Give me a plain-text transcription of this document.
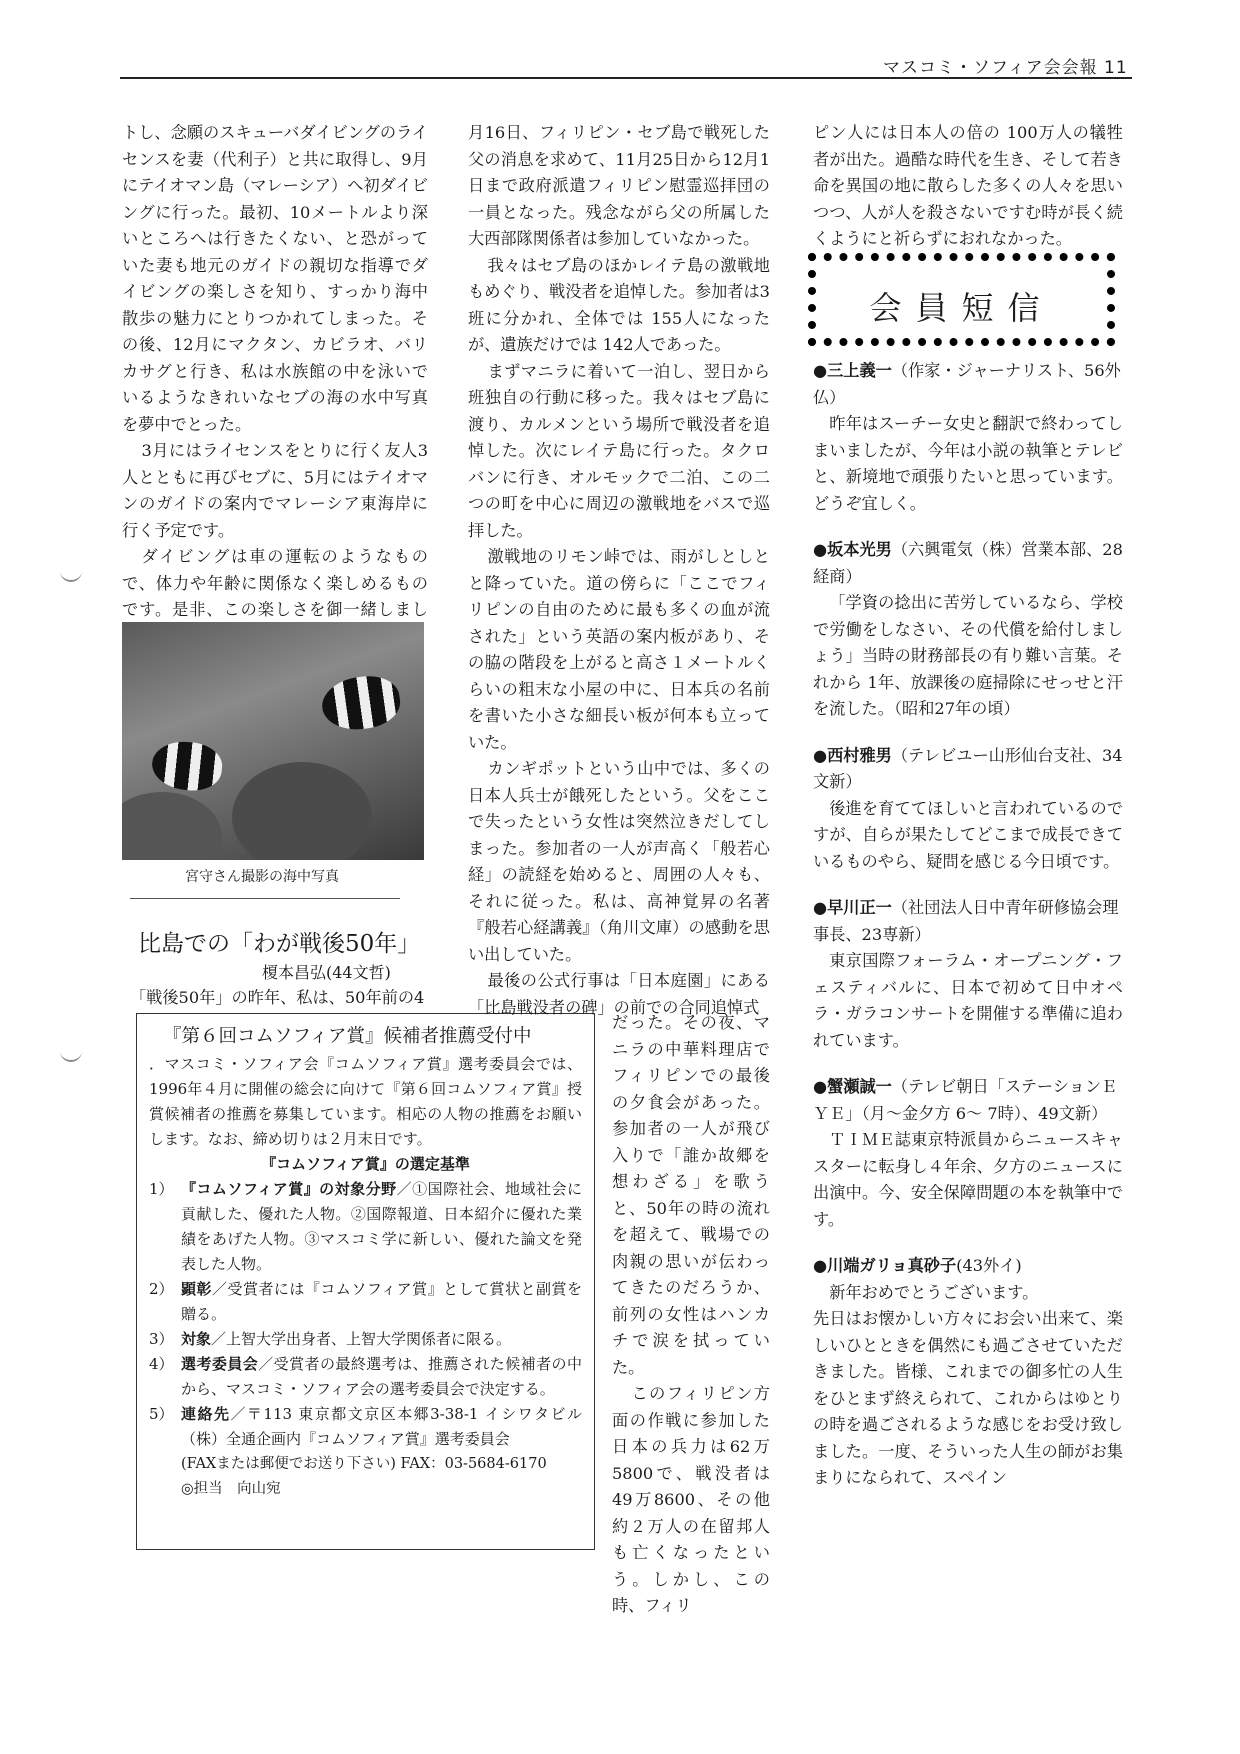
マスコミ・ソフィア会会報 11

トし、念願のスキューバダイビングのライセンスを妻（代利子）と共に取得し、9月にテイオマン島（マレーシア）へ初ダイビングに行った。最初、10メートルより深いところへは行きたくない、と恐がっていた妻も地元のガイドの親切な指導でダイビングの楽しさを知り、すっかり海中散歩の魅力にとりつかれてしまった。その後、12月にマクタン、カビラオ、バリカサグと行き、私は水族館の中を泳いでいるようなきれいなセブの海の水中写真を夢中でとった。

3月にはライセンスをとりに行く友人3人とともに再びセブに、5月にはテイオマンのガイドの案内でマレーシア東海岸に行く予定です。

ダイビングは車の運転のようなもので、体力や年齢に関係なく楽しめるものです。是非、この楽しさを御一緒しまし

宮守さん撮影の海中写真
比島での「わが戦後50年」
榎本昌弘(44文哲)

「戦後50年」の昨年、私は、50年前の4

『第６回コムソフィア賞』候補者推薦受付中

．マスコミ・ソフィア会『コムソフィア賞』選考委員会では、1996年４月に開催の総会に向けて『第６回コムソフィア賞』授賞候補者の推薦を募集しています。相応の人物の推薦をお願いします。なお、締め切りは２月末日です。

『コムソフィア賞』の選定基準

1） 『コムソフィア賞』の対象分野／①国際社会、地域社会に貢献した、優れた人物。②国際報道、日本紹介に優れた業績をあげた人物。③マスコミ学に新しい、優れた論文を発表した人物。
2） 顕彰／受賞者には『コムソフィア賞』として賞状と副賞を贈る。
3） 対象／上智大学出身者、上智大学関係者に限る。
4） 選考委員会／受賞者の最終選考は、推薦された候補者の中から、マスコミ・ソフィア会の選考委員会で決定する。
5） 連絡先／〒113 東京都文京区本郷3-38-1 イシワタビル（株）全通企画内『コムソフィア賞』選考委員会
(FAXまたは郵便でお送り下さい) FAX：03-5684-6170
◎担当　向山宛

月16日、フィリピン・セブ島で戦死した父の消息を求めて、11月25日から12月1日まで政府派遣フィリピン慰霊巡拝団の一員となった。残念ながら父の所属した大西部隊関係者は参加していなかった。

我々はセブ島のほかレイテ島の激戦地もめぐり、戦没者を追悼した。参加者は3班に分かれ、全体では 155人になったが、遺族だけでは 142人であった。

まずマニラに着いて一泊し、翌日から班独自の行動に移った。我々はセブ島に渡り、カルメンという場所で戦没者を追悼した。次にレイテ島に行った。タクロバンに行き、オルモックで二泊、この二つの町を中心に周辺の激戦地をバスで巡拝した。

激戦地のリモン峠では、雨がしとしとと降っていた。道の傍らに「ここでフィリピンの自由のために最も多くの血が流された」という英語の案内板があり、その脇の階段を上がると高さ１メートルくらいの粗末な小屋の中に、日本兵の名前を書いた小さな細長い板が何本も立っていた。

カンギポットという山中では、多くの日本人兵士が餓死したという。父をここで失ったという女性は突然泣きだしてしまった。参加者の一人が声高く「般若心経」の読経を始めると、周囲の人々も、それに従った。私は、高神覚昇の名著『般若心経講義』（角川文庫）の感動を思い出していた。

最後の公式行事は「日本庭園」にある「比島戦没者の碑」の前での合同追悼式

だった。その夜、マニラの中華料理店でフィリピンでの最後の夕食会があった。参加者の一人が飛び入りで「誰か故郷を想わざる」を歌うと、50年の時の流れを超えて、戦場での肉親の思いが伝わってきたのだろうか、前列の女性はハンカチで涙を拭っていた。

このフィリピン方面の作戦に参加した日本の兵力は62万5800で、戦没者は49万8600、その他約２万人の在留邦人も亡くなったという。しかし、この時、フィリ

ピン人には日本人の倍の 100万人の犠牲者が出た。過酷な時代を生き、そして若き命を異国の地に散らした多くの人々を思いつつ、人が人を殺さないですむ時が長く続くようにと祈らずにおれなかった。

会員短信

●三上義一（作家・ジャーナリスト、56外仏）

昨年はスーチー女史と翻訳で終わってしまいましたが、今年は小説の執筆とテレビと、新境地で頑張りたいと思っています。どうぞ宜しく。

●坂本光男（六興電気（株）営業本部、28経商）

「学資の捻出に苦労しているなら、学校で労働をしなさい、その代償を給付しましょう」当時の財務部長の有り難い言葉。それから 1年、放課後の庭掃除にせっせと汗を流した。（昭和27年の頃）

●西村雅男（テレビユー山形仙台支社、34文新）

後進を育ててほしいと言われているのですが、自らが果たしてどこまで成長できているものやら、疑問を感じる今日頃です。

●早川正一（社団法人日中青年研修協会理事長、23専新）

東京国際フォーラム・オープニング・フェスティバルに、日本で初めて日中オペラ・ガラコンサートを開催する準備に追われています。

●蟹瀬誠一（テレビ朝日「ステーションＥＹＥ」（月〜金夕方 6〜 7時）、49文新）

ＴＩＭＥ誌東京特派員からニュースキャスターに転身し４年余、夕方のニュースに出演中。今、安全保障問題の本を執筆中です。

●川端ガリョ真砂子(43外イ)

新年おめでとうございます。
先日はお懐かしい方々にお会い出来て、楽しいひとときを偶然にも過ごさせていただきました。皆様、これまでの御多忙の人生をひとまず終えられて、これからはゆとりの時を過ごされるような感じをお受け致しました。一度、そういった人生の師がお集まりになられて、スペイン
